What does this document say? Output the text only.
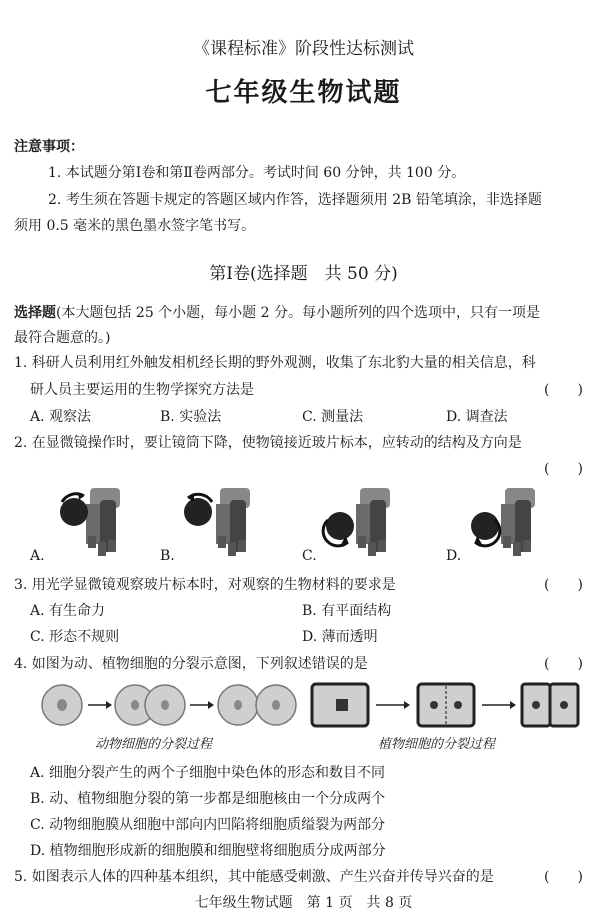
《课程标准》阶段性达标测试
七年级生物试题
注意事项：
1. 本试题分第Ⅰ卷和第Ⅱ卷两部分。考试时间 60 分钟，共 100 分。
2. 考生须在答题卡规定的答题区域内作答，选择题须用 2B 铅笔填涂，非选择题
须用 0.5 毫米的黑色墨水签字笔书写。
第Ⅰ卷(选择题　共 50 分)
选择题(本大题包括 25 个小题，每小题 2 分。每小题所列的四个选项中，只有一项是
最符合题意的。)
1. 科研人员利用红外触发相机经长期的野外观测，收集了东北豹大量的相关信息，科
研人员主要运用的生物学探究方法是	(　　)
A. 观察法	B. 实验法	C. 测量法	D. 调查法
2. 在显微镜操作时，要让镜筒下降，使物镜接近玻片标本，应转动的结构及方向是
(　　)
A.	B.	C.	D.
3. 用光学显微镜观察玻片标本时，对观察的生物材料的要求是	(　　)
A. 有生命力	B. 有平面结构
C. 形态不规则	D. 薄而透明
4. 如图为动、植物细胞的分裂示意图，下列叙述错误的是	(　　)
动物细胞的分裂过程	植物细胞的分裂过程
A. 细胞分裂产生的两个子细胞中染色体的形态和数目不同
B. 动、植物细胞分裂的第一步都是细胞核由一个分成两个
C. 动物细胞膜从细胞中部向内凹陷将细胞质缢裂为两部分
D. 植物细胞形成新的细胞膜和细胞壁将细胞质分成两部分
5. 如图表示人体的四种基本组织，其中能感受刺激、产生兴奋并传导兴奋的是	(　　)
七年级生物试题　第 1 页　共 8 页
